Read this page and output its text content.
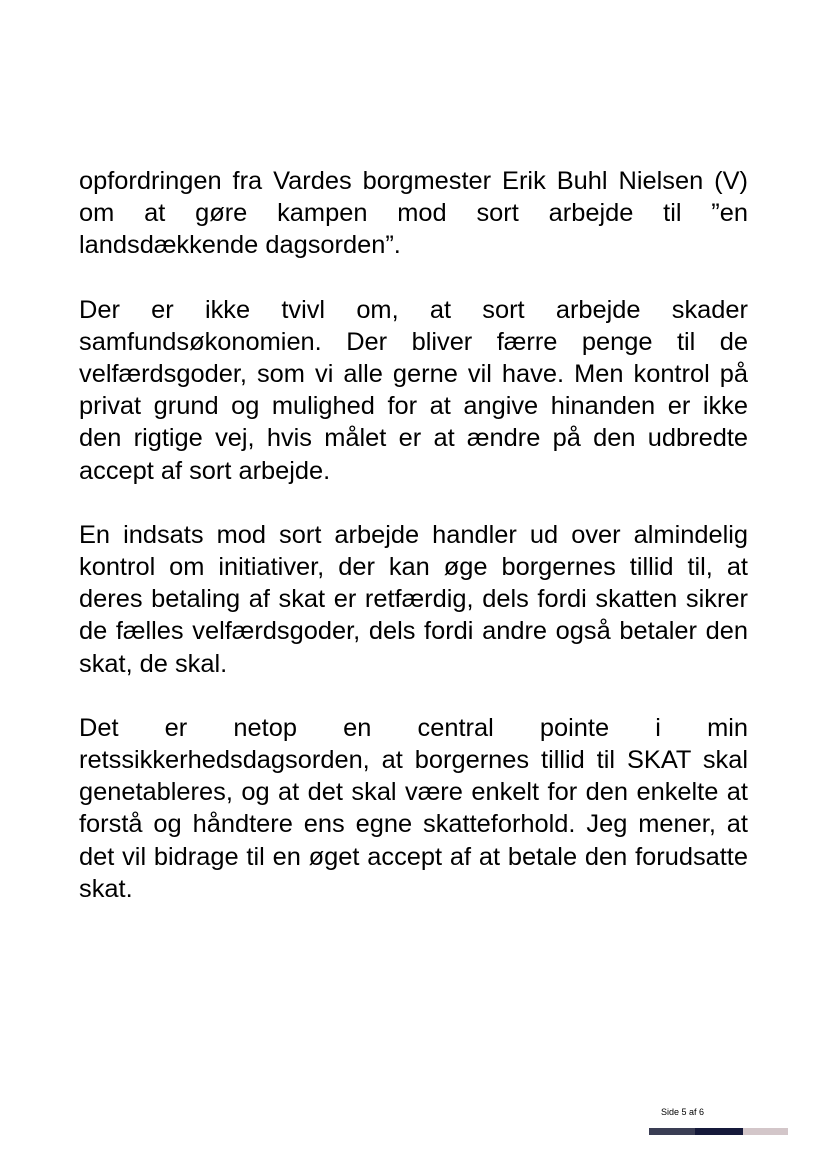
opfordringen fra Vardes borgmester Erik Buhl Nielsen (V) om at gøre kampen mod sort arbejde til ”en landsdækkende dagsorden”.

Der er ikke tvivl om, at sort arbejde skader samfundsøkonomien. Der bliver færre penge til de velfærdsgoder, som vi alle gerne vil have. Men kontrol på privat grund og mulighed for at angive hinanden er ikke den rigtige vej, hvis målet er at ændre på den udbredte accept af sort arbejde.

En indsats mod sort arbejde handler ud over almindelig kontrol om initiativer, der kan øge borgernes tillid til, at deres betaling af skat er retfærdig, dels fordi skatten sikrer de fælles velfærdsgoder, dels fordi andre også betaler den skat, de skal.

Det er netop en central pointe i min retssikkerhedsdagsorden, at borgernes tillid til SKAT skal genetableres, og at det skal være enkelt for den enkelte at forstå og håndtere ens egne skatteforhold. Jeg mener, at det vil bidrage til en øget accept af at betale den forudsatte skat.

Side 5 af 6
